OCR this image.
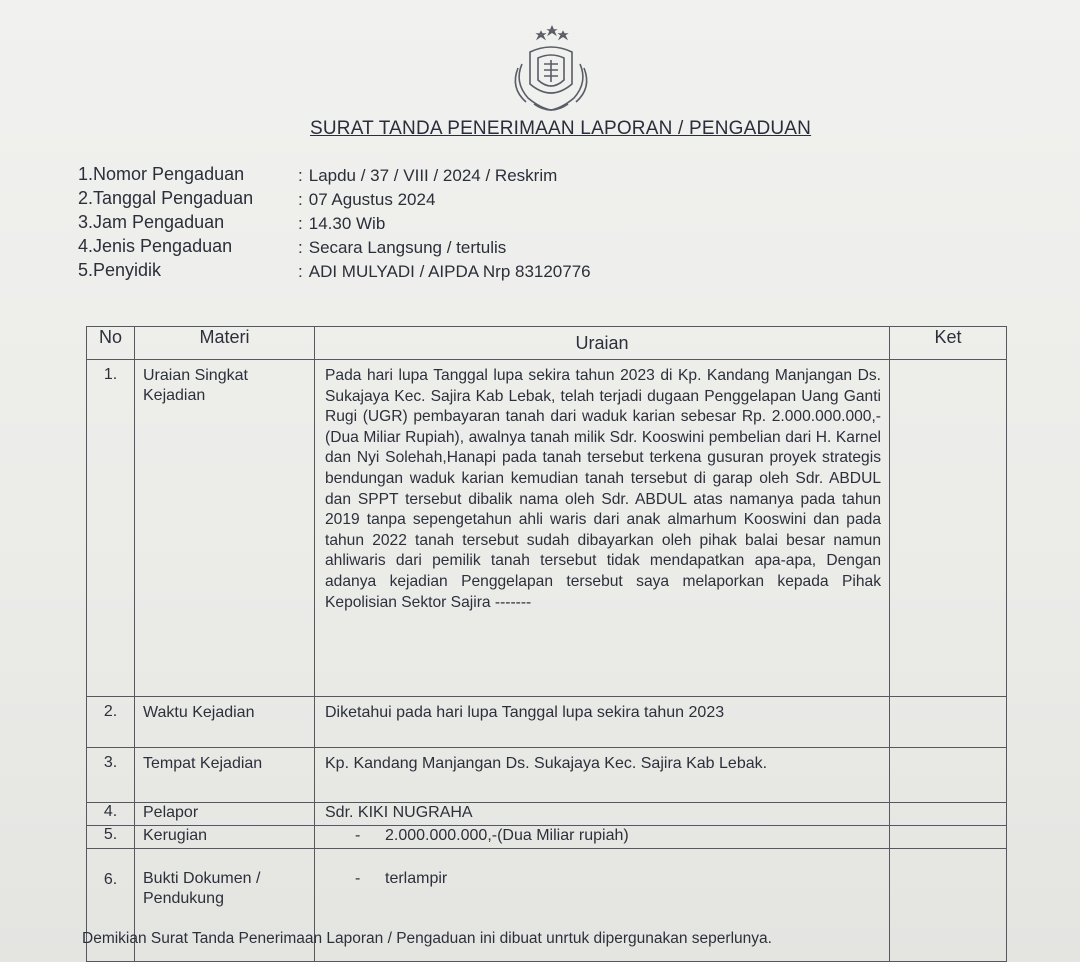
SURAT TANDA PENERIMAAN LAPORAN / PENGADUAN
1.Nomor Pengaduan	: Lapdu / 37 / VIII / 2024 / Reskrim
2.Tanggal Pengaduan	: 07 Agustus 2024
3.Jam Pengaduan	: 14.30 Wib
4.Jenis Pengaduan	: Secara Langsung / tertulis
5.Penyidik	: ADI MULYADI / AIPDA Nrp 83120776
No	Materi	Uraian	Ket
1.	Uraian Singkat Kejadian	Pada hari lupa Tanggal lupa sekira tahun 2023 di Kp. Kandang Manjangan Ds. Sukajaya Kec. Sajira Kab Lebak, telah terjadi dugaan Penggelapan Uang Ganti Rugi (UGR) pembayaran tanah dari waduk karian sebesar Rp. 2.000.000.000,-(Dua Miliar Rupiah), awalnya tanah milik Sdr. Kooswini pembelian dari H. Karnel dan Nyi Solehah,Hanapi pada tanah tersebut terkena gusuran proyek strategis bendungan waduk karian kemudian tanah tersebut di garap oleh Sdr. ABDUL dan SPPT tersebut dibalik nama oleh Sdr. ABDUL atas namanya pada tahun 2019 tanpa sepengetahun ahli waris dari anak almarhum Kooswini dan pada tahun 2022 tanah tersebut sudah dibayarkan oleh pihak balai besar namun ahliwaris dari pemilik tanah tersebut tidak mendapatkan apa-apa, Dengan adanya kejadian Penggelapan tersebut saya melaporkan kepada Pihak Kepolisian Sektor Sajira -------	

2.	Waktu Kejadian	Diketahui pada hari lupa Tanggal lupa sekira tahun 2023	

3.	Tempat Kejadian	Kp. Kandang Manjangan Ds. Sukajaya Kec. Sajira Kab Lebak.	

4.	Pelapor	Sdr. KIKI NUGRAHA	

5.	Kerugian	- 2.000.000.000,-(Dua Miliar rupiah)	

6.	Bukti Dokumen / Pendukung	- terlampir	

Demikian Surat Tanda Penerimaan Laporan / Pengaduan ini dibuat unrtuk dipergunakan seperlunya.
